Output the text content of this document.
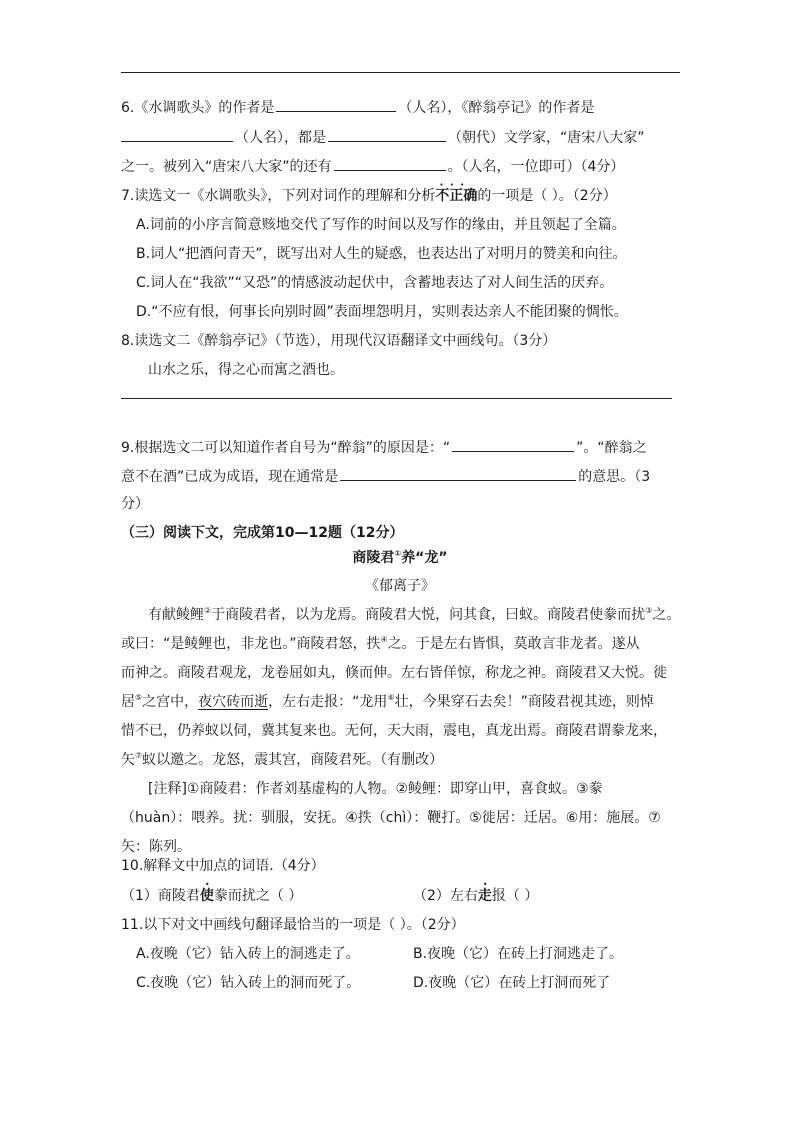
6.《水调歌头》的作者是	（人名），《醉翁亭记》的作者是
（人名），都是	（朝代）文学家，“唐宋八大家”
之一。被列入“唐宋八大家”的还有	。（人名，一位即可）（4分）
7.读选文一《水调歌头》，下列对词作的理解和分析• • • 不正确的一项是（ ）。（2分）
A.词前的小序言简意赅地交代了写作的时间以及写作的缘由，并且领起了全篇。
B.词人“把酒问青天”，既写出对人生的疑惑，也表达出了对明月的赞美和向往。
C.词人在“我欲”“又恐”的情感波动起伏中，含蓄地表达了对人间生活的厌弃。
D.“不应有恨，何事长向别时圆”表面埋怨明月，实则表达亲人不能团聚的惆怅。
8.读选文二《醉翁亭记》（节选），用现代汉语翻译文中画线句。（3分）
山水之乐，得之心而寓之酒也。
9.根据选文二可以知道作者自号为“醉翁”的原因是：“	”。“醉翁之
意不在酒”已成为成语，现在通常是	的意思。（3
分）
（三）阅读下文，完成第10—12题（12分）
商陵君①养“龙”
《郁离子》
有献鲮鲤②于商陵君者，以为龙焉。商陵君大悦，问其食，曰蚁。商陵君使豢而扰③之。
或曰：“是鲮鲤也，非龙也。”商陵君怒，抶④之。于是左右皆惧，莫敢言非龙者。遂从
而神之。商陵君观龙，龙卷屈如丸，倏而伸。左右皆佯惊，称龙之神。商陵君又大悦。徙
居⑤之宫中，夜穴砖而逝，左右走报：“龙用⑥壮，今果穿石去矣！”商陵君视其迹，则悼
惜不已，仍养蚁以伺，冀其复来也。无何，天大雨，震电，真龙出焉。商陵君谓豢龙来，
矢⑦蚁以邀之。龙怒，震其宫，商陵君死。（有删改）
[注释]①商陵君：作者刘基虚构的人物。②鲮鲤：即穿山甲，喜食蚁。③豢
（huàn）：喂养。扰：驯服，安抚。④抶（chì）：鞭打。⑤徙居：迁居。⑥用：施展。⑦
矢：陈列。
10.解释文中加点的词语.（4分）
（1）商陵君使豢而扰之（ ）	（2）左右走报（ ）
11.以下对文中画线句翻译最恰当的一项是（ ）。（2分）
A.夜晚（它）钻入砖上的洞逃走了。	B.夜晚（它）在砖上打洞逃走了。
C.夜晚（它）钻入砖上的洞而死了。	D.夜晚（它）在砖上打洞而死了
